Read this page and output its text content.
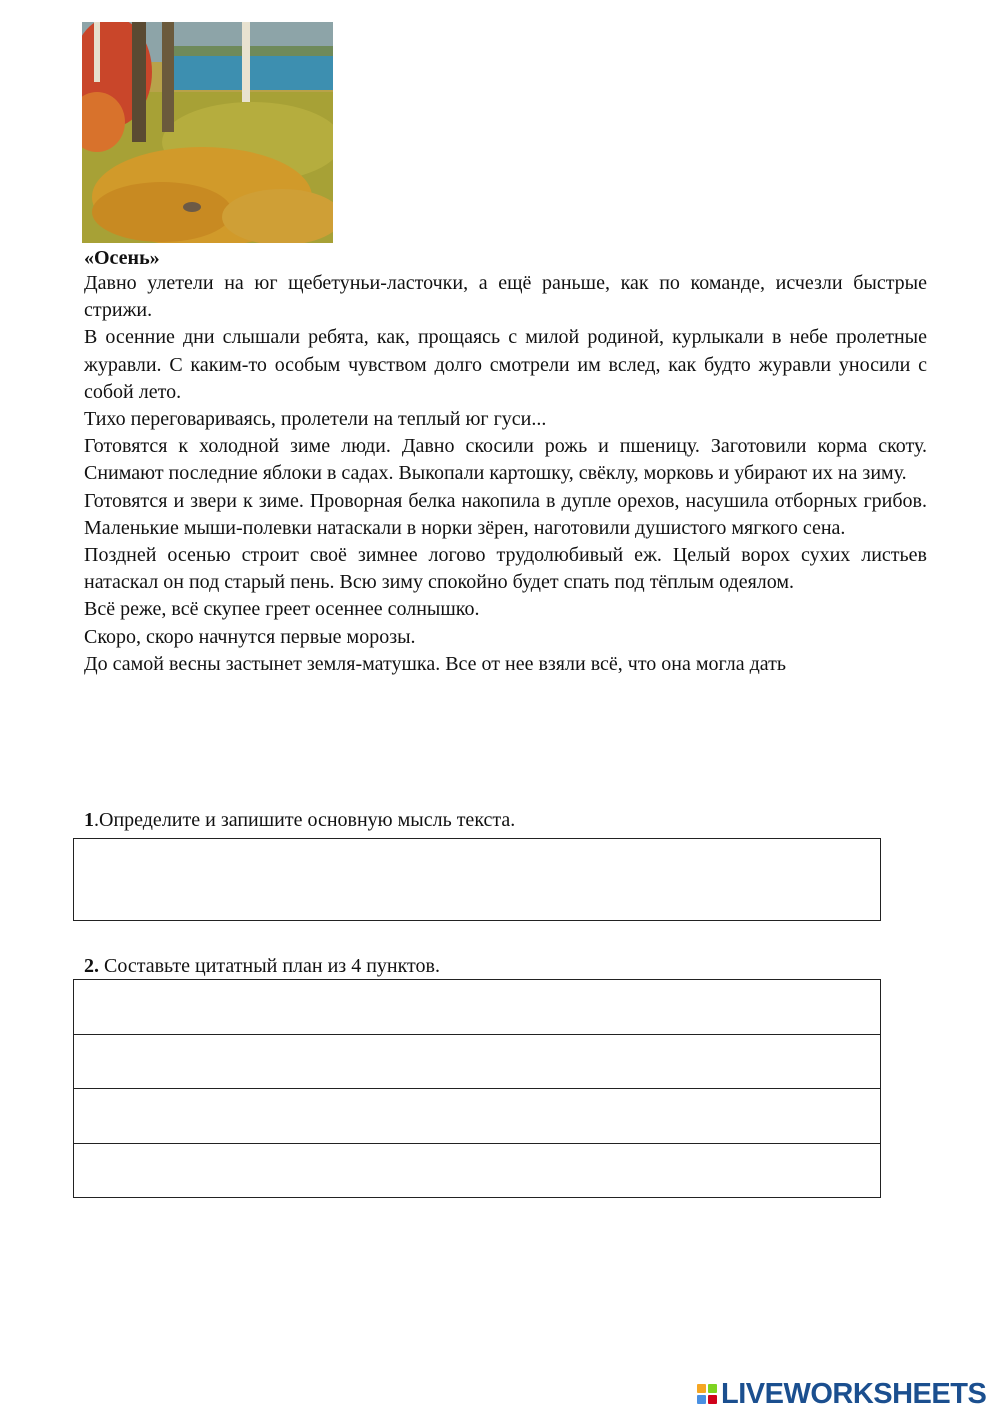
«Осень»

Давно улетели на юг щебетуньи-ласточки, а ещё раньше, как по команде, исчезли быстрые стрижи.

В осенние дни слышали ребята, как, прощаясь с милой родиной, курлыкали в небе пролетные журавли. С каким-то особым чувством долго смотрели им вслед, как будто журавли уносили с собой лето.

Тихо переговариваясь, пролетели на теплый юг гуси...

Готовятся к холодной зиме люди. Давно скосили рожь и пшеницу. Заготовили корма скоту. Снимают последние яблоки в садах. Выкопали картошку, свёклу, морковь и убирают их на зиму.

Готовятся и звери к зиме. Проворная белка накопила в дупле орехов, насушила отборных грибов. Маленькие мыши-полевки натаскали в норки зёрен, наготовили душистого мягкого сена.

Поздней осенью строит своё зимнее логово трудолюбивый еж. Целый ворох сухих листьев натаскал он под старый пень. Всю зиму спокойно будет спать под тёплым одеялом.

Всё реже, всё скупее греет осеннее солнышко.

Скоро, скоро начнутся первые морозы.

До самой весны застынет земля-матушка. Все от нее взяли всё, что она могла дать

1.Определите и запишите основную мысль текста.
2. Составьте цитатный план из 4 пунктов.
LIVEWORKSHEETS
